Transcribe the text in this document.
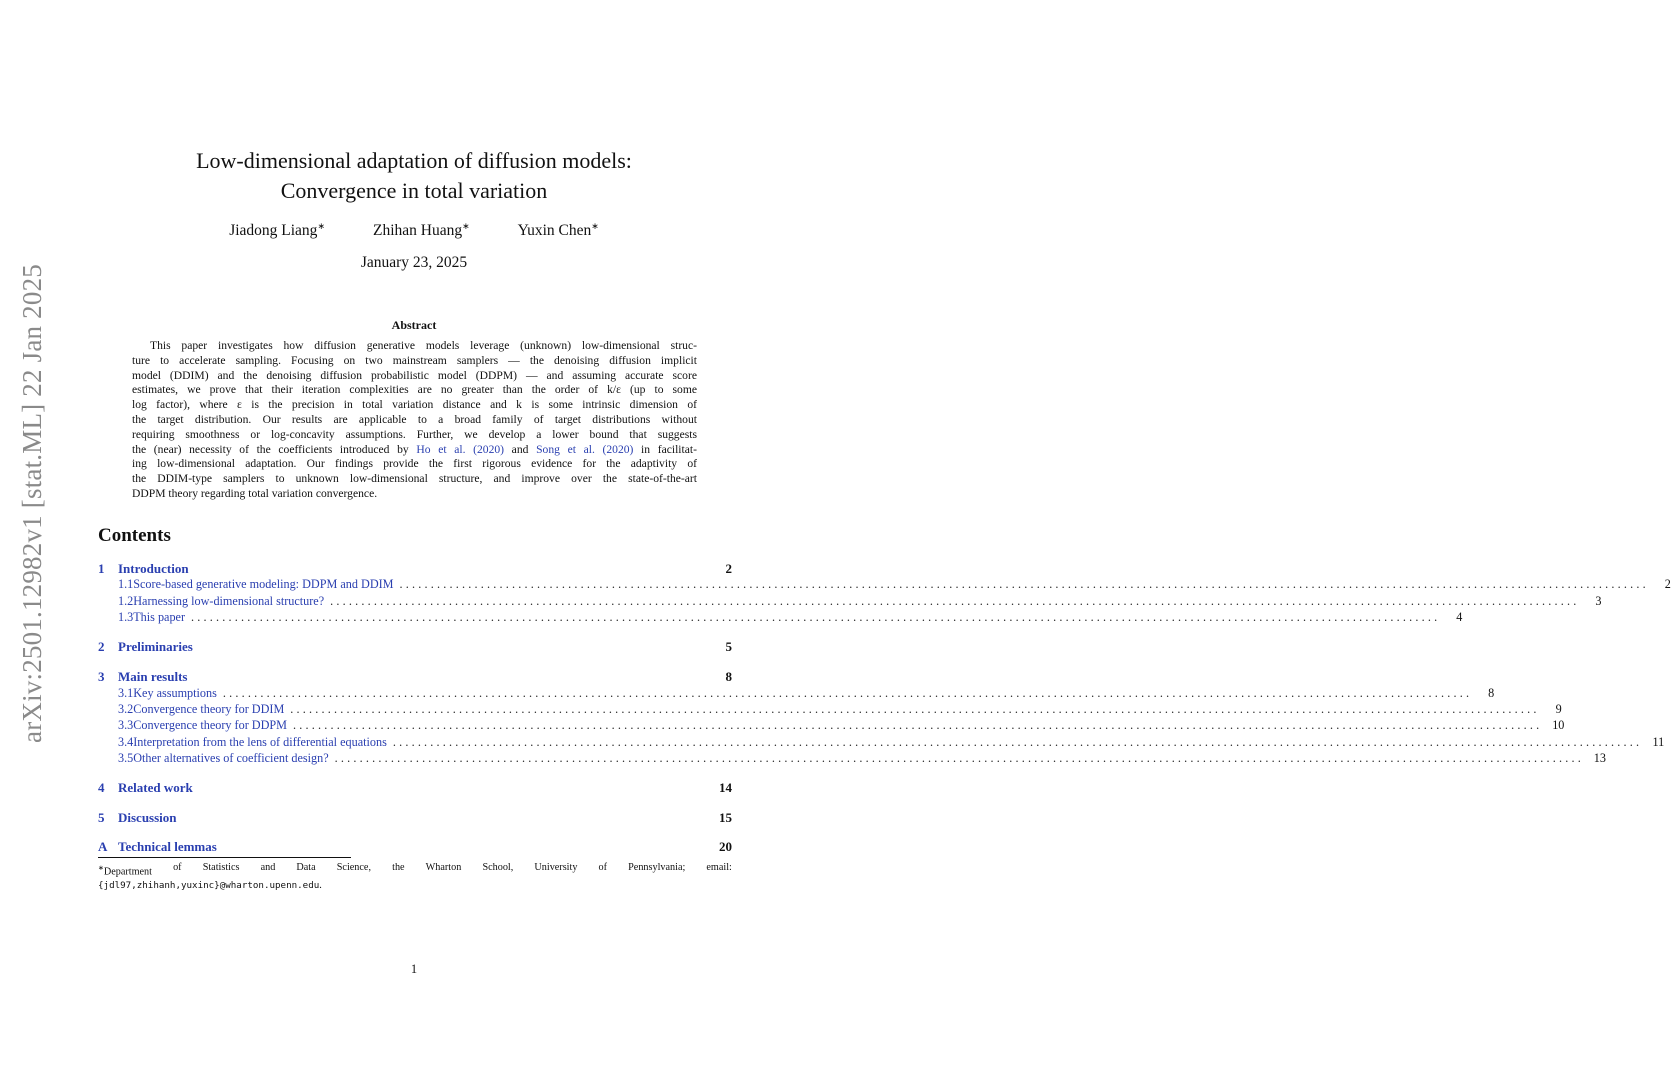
arXiv:2501.12982v1 [stat.ML] 22 Jan 2025
Low-dimensional adaptation of diffusion models:
Convergence in total variation
Jiadong Liang∗	Zhihan Huang∗	Yuxin Chen∗
January 23, 2025
Abstract
This paper investigates how diffusion generative models leverage (unknown) low-dimensional struc-
ture to accelerate sampling. Focusing on two mainstream samplers — the denoising diffusion implicit
model (DDIM) and the denoising diffusion probabilistic model (DDPM) — and assuming accurate score
estimates, we prove that their iteration complexities are no greater than the order of k/ε (up to some
log factor), where ε is the precision in total variation distance and k is some intrinsic dimension of
the target distribution. Our results are applicable to a broad family of target distributions without
requiring smoothness or log-concavity assumptions. Further, we develop a lower bound that suggests
the (near) necessity of the coefficients introduced by Ho et al. (2020) and Song et al. (2020) in facilitat-
ing low-dimensional adaptation. Our findings provide the first rigorous evidence for the adaptivity of
the DDIM-type samplers to unknown low-dimensional structure, and improve over the state-of-the-art
DDPM theory regarding total variation convergence.
Contents
1	Introduction	2
1.1 Score-based generative modeling: DDPM and DDIM ........................................................................................................................................................................................................	2
1.2 Harnessing low-dimensional structure? ........................................................................................................................................................................................................	3
1.3 This paper ........................................................................................................................................................................................................	4
2	Preliminaries	5
3	Main results	8
3.1 Key assumptions ........................................................................................................................................................................................................	8
3.2 Convergence theory for DDIM ........................................................................................................................................................................................................	9
3.3 Convergence theory for DDPM ........................................................................................................................................................................................................ 10
3.4 Interpretation from the lens of differential equations ........................................................................................................................................................................................................ 11
3.5 Other alternatives of coefficient design? ........................................................................................................................................................................................................ 13
4	Related work	14
5	Discussion	15
A Technical lemmas	20
∗Department of Statistics and Data Science, the Wharton School, University of Pennsylvania; email:
{jdl97,zhihanh,yuxinc}@wharton.upenn.edu.
1
